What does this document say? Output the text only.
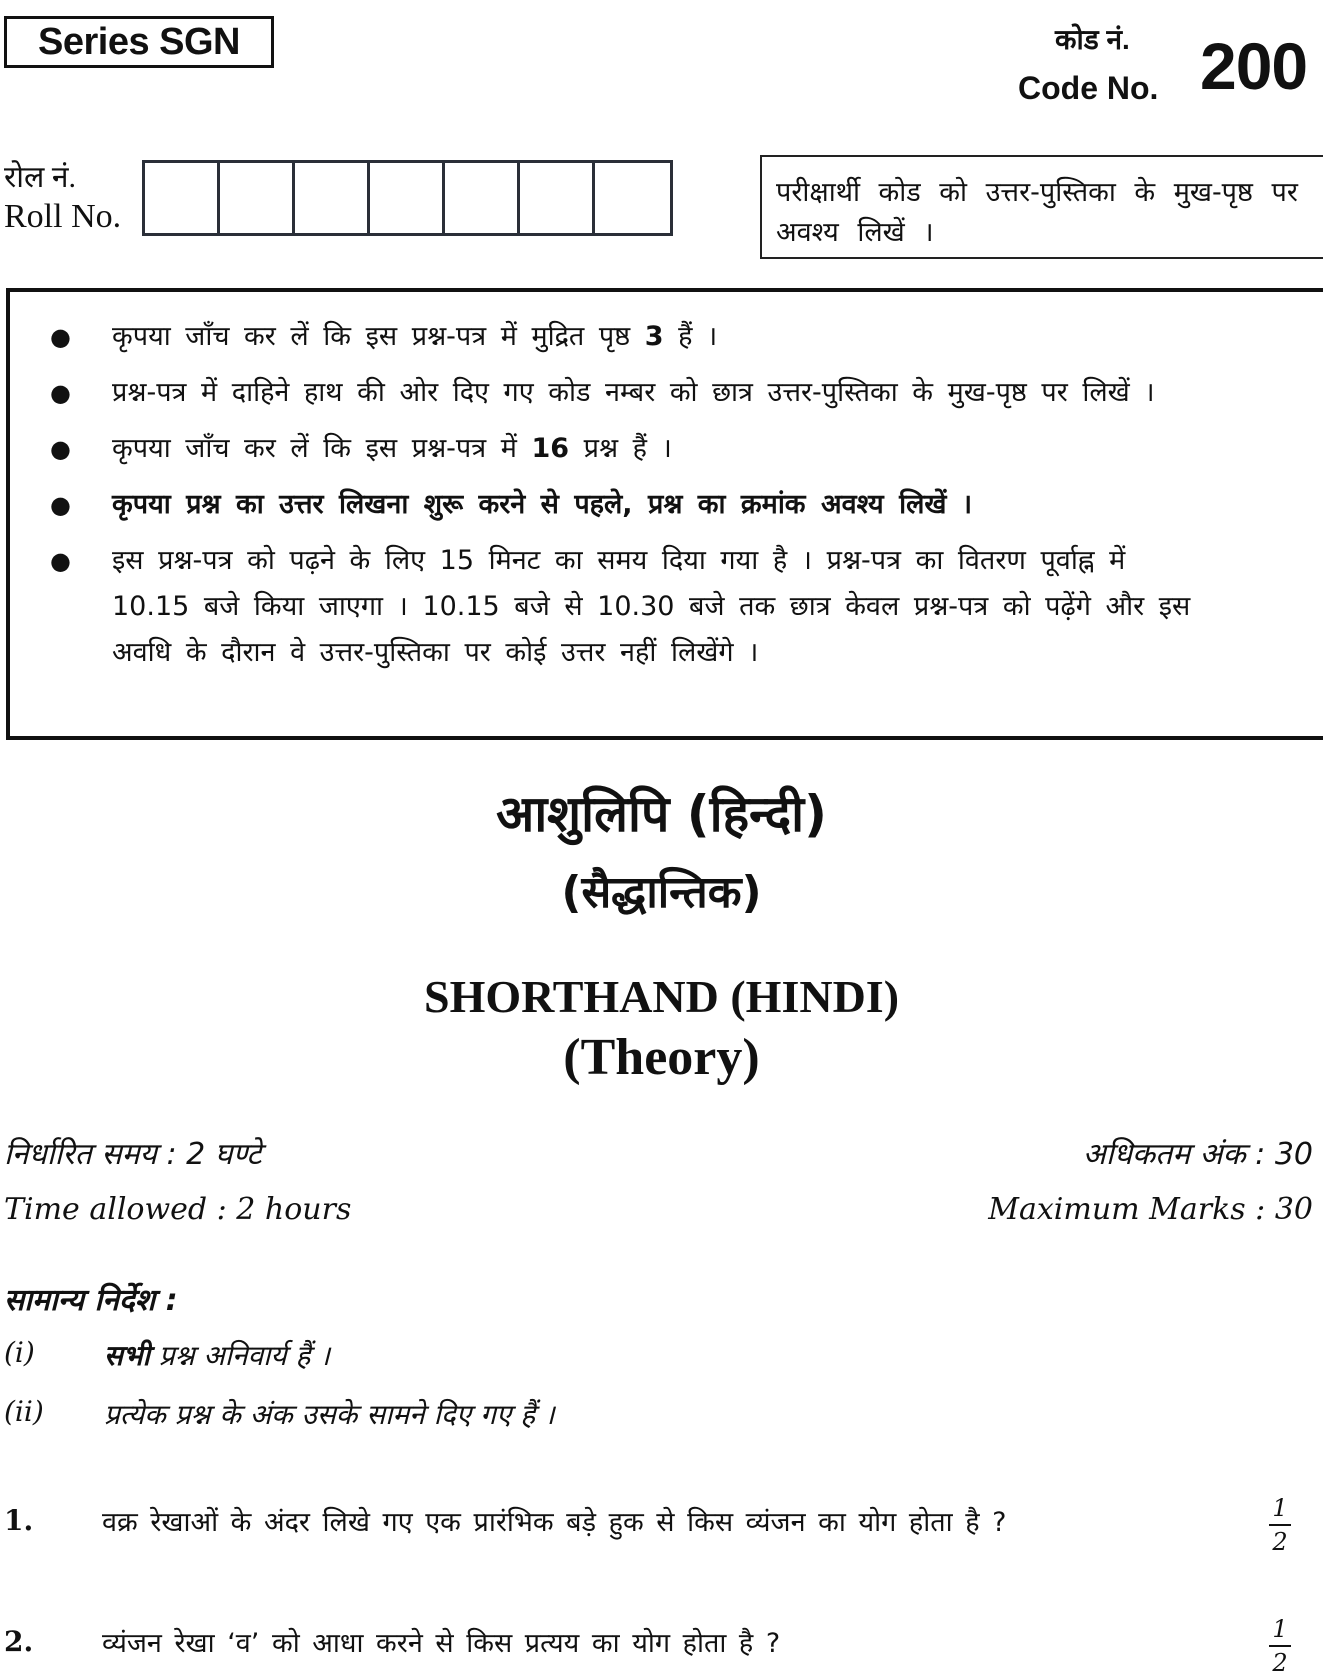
Series SGN	कोड नं.
Code No. 200
रोल नं.
Roll No.
परीक्षार्थी कोड को उत्तर-पुस्तिका के मुख-पृष्ठ पर अवश्य लिखें ।
● कृपया जाँच कर लें कि इस प्रश्न-पत्र में मुद्रित पृष्ठ 3 हैं ।
● प्रश्न-पत्र में दाहिने हाथ की ओर दिए गए कोड नम्बर को छात्र उत्तर-पुस्तिका के मुख-पृष्ठ पर लिखें ।
● कृपया जाँच कर लें कि इस प्रश्न-पत्र में 16 प्रश्न हैं ।
● कृपया प्रश्न का उत्तर लिखना शुरू करने से पहले, प्रश्न का क्रमांक अवश्य लिखें ।
● इस प्रश्न-पत्र को पढ़ने के लिए 15 मिनट का समय दिया गया है । प्रश्न-पत्र का वितरण पूर्वाह्न में 10.15 बजे किया जाएगा । 10.15 बजे से 10.30 बजे तक छात्र केवल प्रश्न-पत्र को पढ़ेंगे और इस अवधि के दौरान वे उत्तर-पुस्तिका पर कोई उत्तर नहीं लिखेंगे ।
आशुलिपि (हिन्दी)
(सैद्धान्तिक)
SHORTHAND (HINDI)
(Theory)
निर्धारित समय : 2 घण्टे
Time allowed : 2 hours
अधिकतम अंक : 30
Maximum Marks : 30
सामान्य निर्देश :
(i)	सभी प्रश्न अनिवार्य हैं ।
(ii)	प्रत्येक प्रश्न के अंक उसके सामने दिए गए हैं ।
1.	वक्र रेखाओं के अंदर लिखे गए एक प्रारंभिक बड़े हुक से किस व्यंजन का योग होता है ?	1
2
2.	व्यंजन रेखा ‘व’ को आधा करने से किस प्रत्यय का योग होता है ?	1
2
